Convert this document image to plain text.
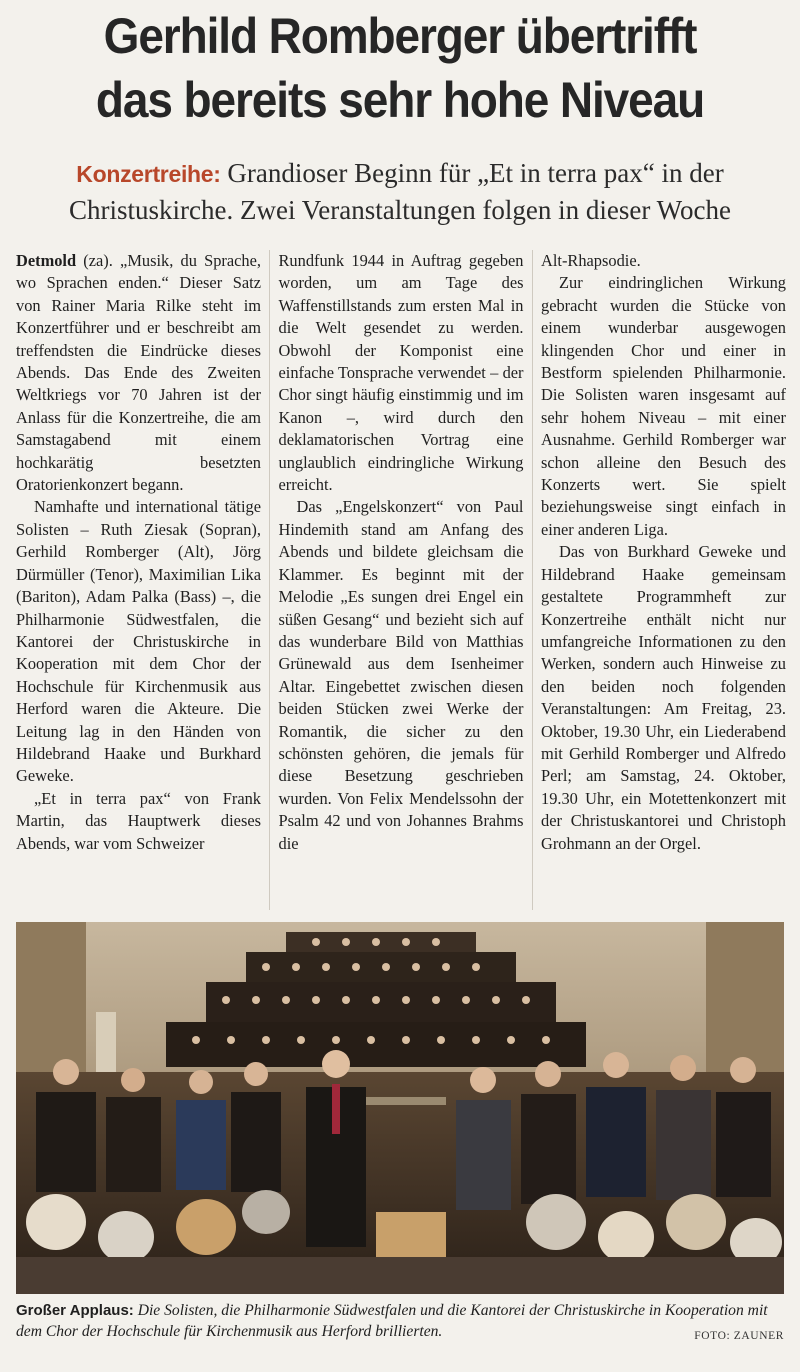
Gerhild Romberger übertrifft
das bereits sehr hohe Niveau
Konzertreihe: Grandioser Beginn für „Et in terra pax“ in der
Christuskirche. Zwei Veranstaltungen folgen in dieser Woche

Detmold (za). „Musik, du Sprache, wo Sprachen enden.“ Dieser Satz von Rainer Maria Rilke steht im Konzertführer und er beschreibt am treffendsten die Eindrücke dieses Abends. Das Ende des Zweiten Weltkriegs vor 70 Jahren ist der Anlass für die Konzertreihe, die am Samstagabend mit einem hochkarätig besetzten Oratorienkonzert begann.

Namhafte und international tätige Solisten – Ruth Ziesak (Sopran), Gerhild Romberger (Alt), Jörg Dürmüller (Tenor), Maximilian Lika (Bariton), Adam Palka (Bass) –, die Philharmonie Südwestfalen, die Kantorei der Christuskirche in Kooperation mit dem Chor der Hochschule für Kirchenmusik aus Herford waren die Akteure. Die Leitung lag in den Händen von Hildebrand Haake und Burkhard Geweke.

„Et in terra pax“ von Frank Martin, das Hauptwerk dieses Abends, war vom Schweizer

Rundfunk 1944 in Auftrag gegeben worden, um am Tage des Waffenstillstands zum ersten Mal in die Welt gesendet zu werden. Obwohl der Komponist eine einfache Tonsprache verwendet – der Chor singt häufig einstimmig und im Kanon –, wird durch den deklamatorischen Vortrag eine unglaublich eindringliche Wirkung erreicht.

Das „Engelskonzert“ von Paul Hindemith stand am Anfang des Abends und bildete gleichsam die Klammer. Es beginnt mit der Melodie „Es sungen drei Engel ein süßen Gesang“ und bezieht sich auf das wunderbare Bild von Matthias Grünewald aus dem Isenheimer Altar. Eingebettet zwischen diesen beiden Stücken zwei Werke der Romantik, die sicher zu den schönsten gehören, die jemals für diese Besetzung geschrieben wurden. Von Felix Mendelssohn der Psalm 42 und von Johannes Brahms die

Alt-Rhapsodie.

Zur eindringlichen Wirkung gebracht wurden die Stücke von einem wunderbar ausgewogen klingenden Chor und einer in Bestform spielenden Philharmonie. Die Solisten waren insgesamt auf sehr hohem Niveau – mit einer Ausnahme. Gerhild Romberger war schon alleine den Besuch des Konzerts wert. Sie spielt beziehungsweise singt einfach in einer anderen Liga.

Das von Burkhard Geweke und Hildebrand Haake gemeinsam gestaltete Programmheft zur Konzertreihe enthält nicht nur umfangreiche Informationen zu den Werken, sondern auch Hinweise zu den beiden noch folgenden Veranstaltungen: Am Freitag, 23. Oktober, 19.30 Uhr, ein Liederabend mit Gerhild Romberger und Alfredo Perl; am Samstag, 24. Oktober, 19.30 Uhr, ein Motettenkonzert mit der Christuskantorei und Christoph Grohmann an der Orgel.

Großer Applaus: Die Solisten, die Philharmonie Südwestfalen und die Kantorei der Christuskirche in Kooperation mit dem Chor der Hochschule für Kirchenmusik aus Herford brillierten.	FOTO: ZAUNER
